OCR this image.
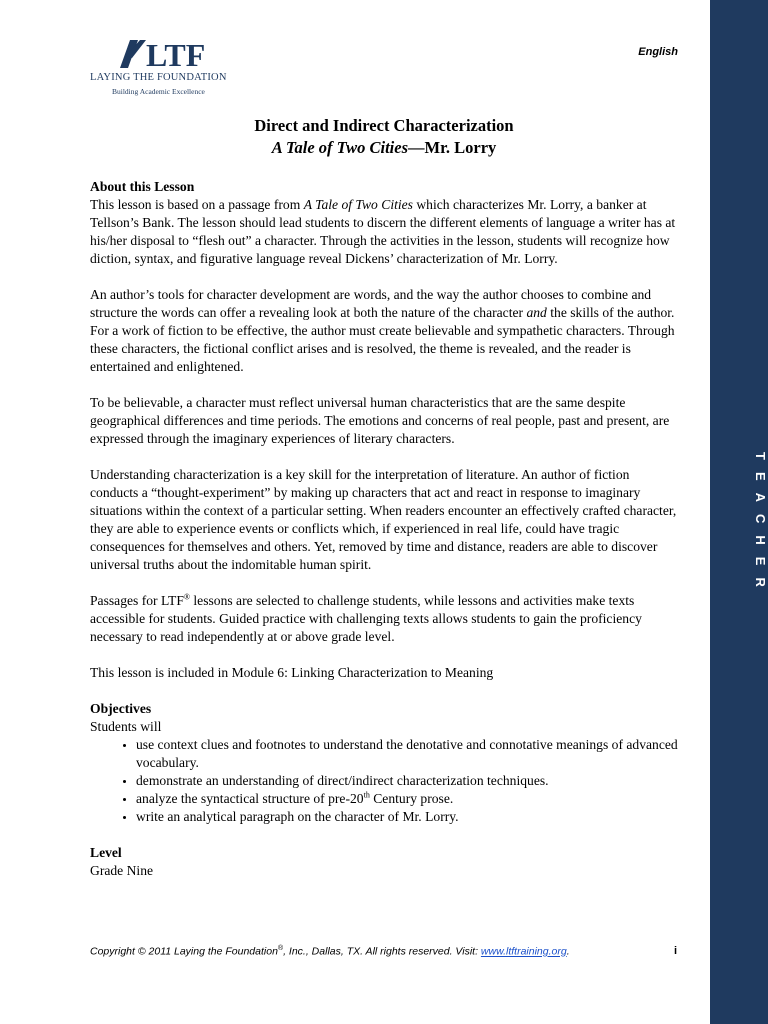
TEACHER
LTF
LAYING THE FOUNDATION
Building Academic Excellence
English
Direct and Indirect Characterization
A Tale of Two Cities—Mr. Lorry
About this Lesson

This lesson is based on a passage from A Tale of Two Cities which characterizes Mr. Lorry, a banker at Tellson’s Bank. The lesson should lead students to discern the different elements of language a writer has at his/her disposal to “flesh out” a character. Through the activities in the lesson, students will recognize how diction, syntax, and figurative language reveal Dickens’ characterization of Mr. Lorry.

An author’s tools for character development are words, and the way the author chooses to combine and structure the words can offer a revealing look at both the nature of the character and the skills of the author. For a work of fiction to be effective, the author must create believable and sympathetic characters. Through these characters, the fictional conflict arises and is resolved, the theme is revealed, and the reader is entertained and enlightened.

To be believable, a character must reflect universal human characteristics that are the same despite geographical differences and time periods. The emotions and concerns of real people, past and present, are expressed through the imaginary experiences of literary characters.

Understanding characterization is a key skill for the interpretation of literature. An author of fiction conducts a “thought-experiment” by making up characters that act and react in response to imaginary situations within the context of a particular setting. When readers encounter an effectively crafted character, they are able to experience events or conflicts which, if experienced in real life, could have tragic consequences for themselves and others. Yet, removed by time and distance, readers are able to discover universal truths about the indomitable human spirit.

Passages for LTF® lessons are selected to challenge students, while lessons and activities make texts accessible for students. Guided practice with challenging texts allows students to gain the proficiency necessary to read independently at or above grade level.

This lesson is included in Module 6: Linking Characterization to Meaning

Objectives

Students will

• use context clues and footnotes to understand the denotative and connotative meanings of advanced vocabulary.
• demonstrate an understanding of direct/indirect characterization techniques.
• analyze the syntactical structure of pre-20th Century prose.
• write an analytical paragraph on the character of Mr. Lorry.
Level

Grade Nine

Copyright © 2011 Laying the Foundation®, Inc., Dallas, TX. All rights reserved. Visit: www.ltftraining.org.	i
